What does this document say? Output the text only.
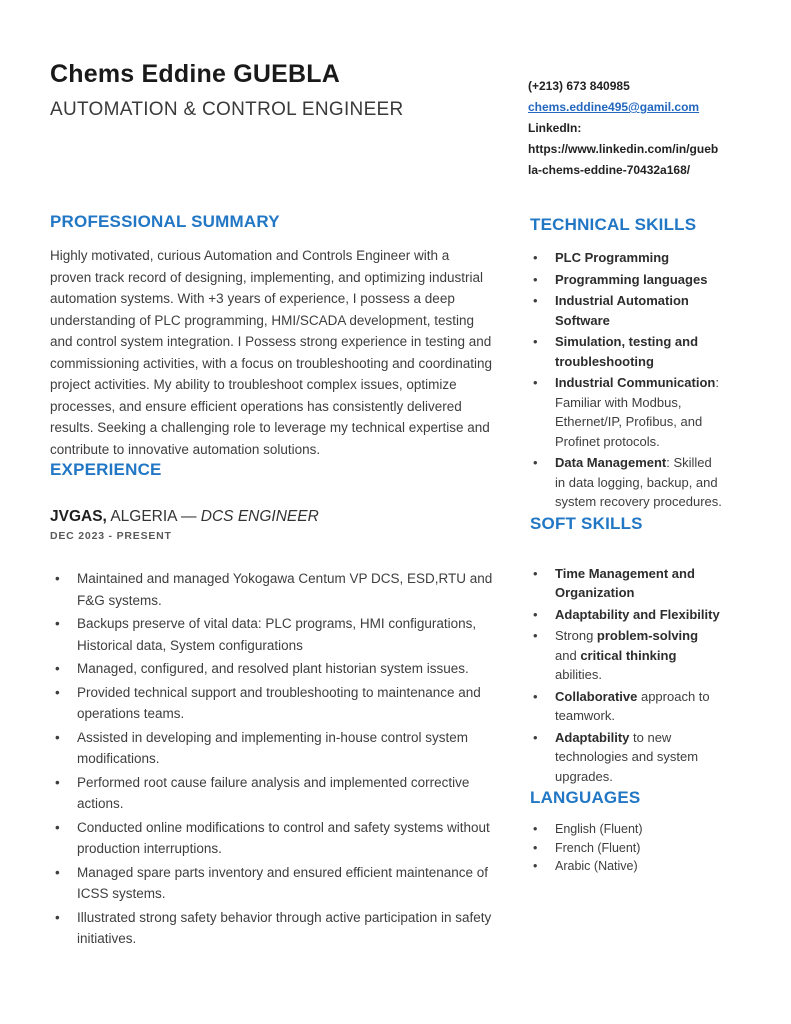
Chems Eddine GUEBLA
AUTOMATION & CONTROL ENGINEER
(+213) 673 840985
chems.eddine495@gamil.com
LinkedIn:
https://www.linkedin.com/in/guebla-chems-eddine-70432a168/
PROFESSIONAL SUMMARY

Highly motivated, curious Automation and Controls Engineer with a proven track record of designing, implementing, and optimizing industrial automation systems. With +3 years of experience, I possess a deep understanding of PLC programming, HMI/SCADA development, testing and control system integration. I Possess strong experience in testing and commissioning activities, with a focus on troubleshooting and coordinating project activities. My ability to troubleshoot complex issues, optimize processes, and ensure efficient operations has consistently delivered results. Seeking a challenging role to leverage my technical expertise and contribute to innovative automation solutions.

EXPERIENCE
JVGAS, ALGERIA — DCS ENGINEER
DEC 2023 - PRESENT
• Maintained and managed Yokogawa Centum VP DCS, ESD,RTU and F&G systems.
• Backups preserve of vital data: PLC programs, HMI configurations, Historical data, System configurations
• Managed, configured, and resolved plant historian system issues.
• Provided technical support and troubleshooting to maintenance and operations teams.
• Assisted in developing and implementing in-house control system modifications.
• Performed root cause failure analysis and implemented corrective actions.
• Conducted online modifications to control and safety systems without production interruptions.
• Managed spare parts inventory and ensured efficient maintenance of ICSS systems.
• Illustrated strong safety behavior through active participation in safety initiatives.
TECHNICAL SKILLS
• PLC Programming
• Programming languages
• Industrial Automation Software
• Simulation, testing and troubleshooting
• Industrial Communication: Familiar with Modbus, Ethernet/IP, Profibus, and Profinet protocols.
• Data Management: Skilled in data logging, backup, and system recovery procedures.
SOFT SKILLS
• Time Management and Organization
• Adaptability and Flexibility
• Strong problem-solving and critical thinking abilities.
• Collaborative approach to teamwork.
• Adaptability to new technologies and system upgrades.
LANGUAGES
• English (Fluent)
• French (Fluent)
• Arabic (Native)
